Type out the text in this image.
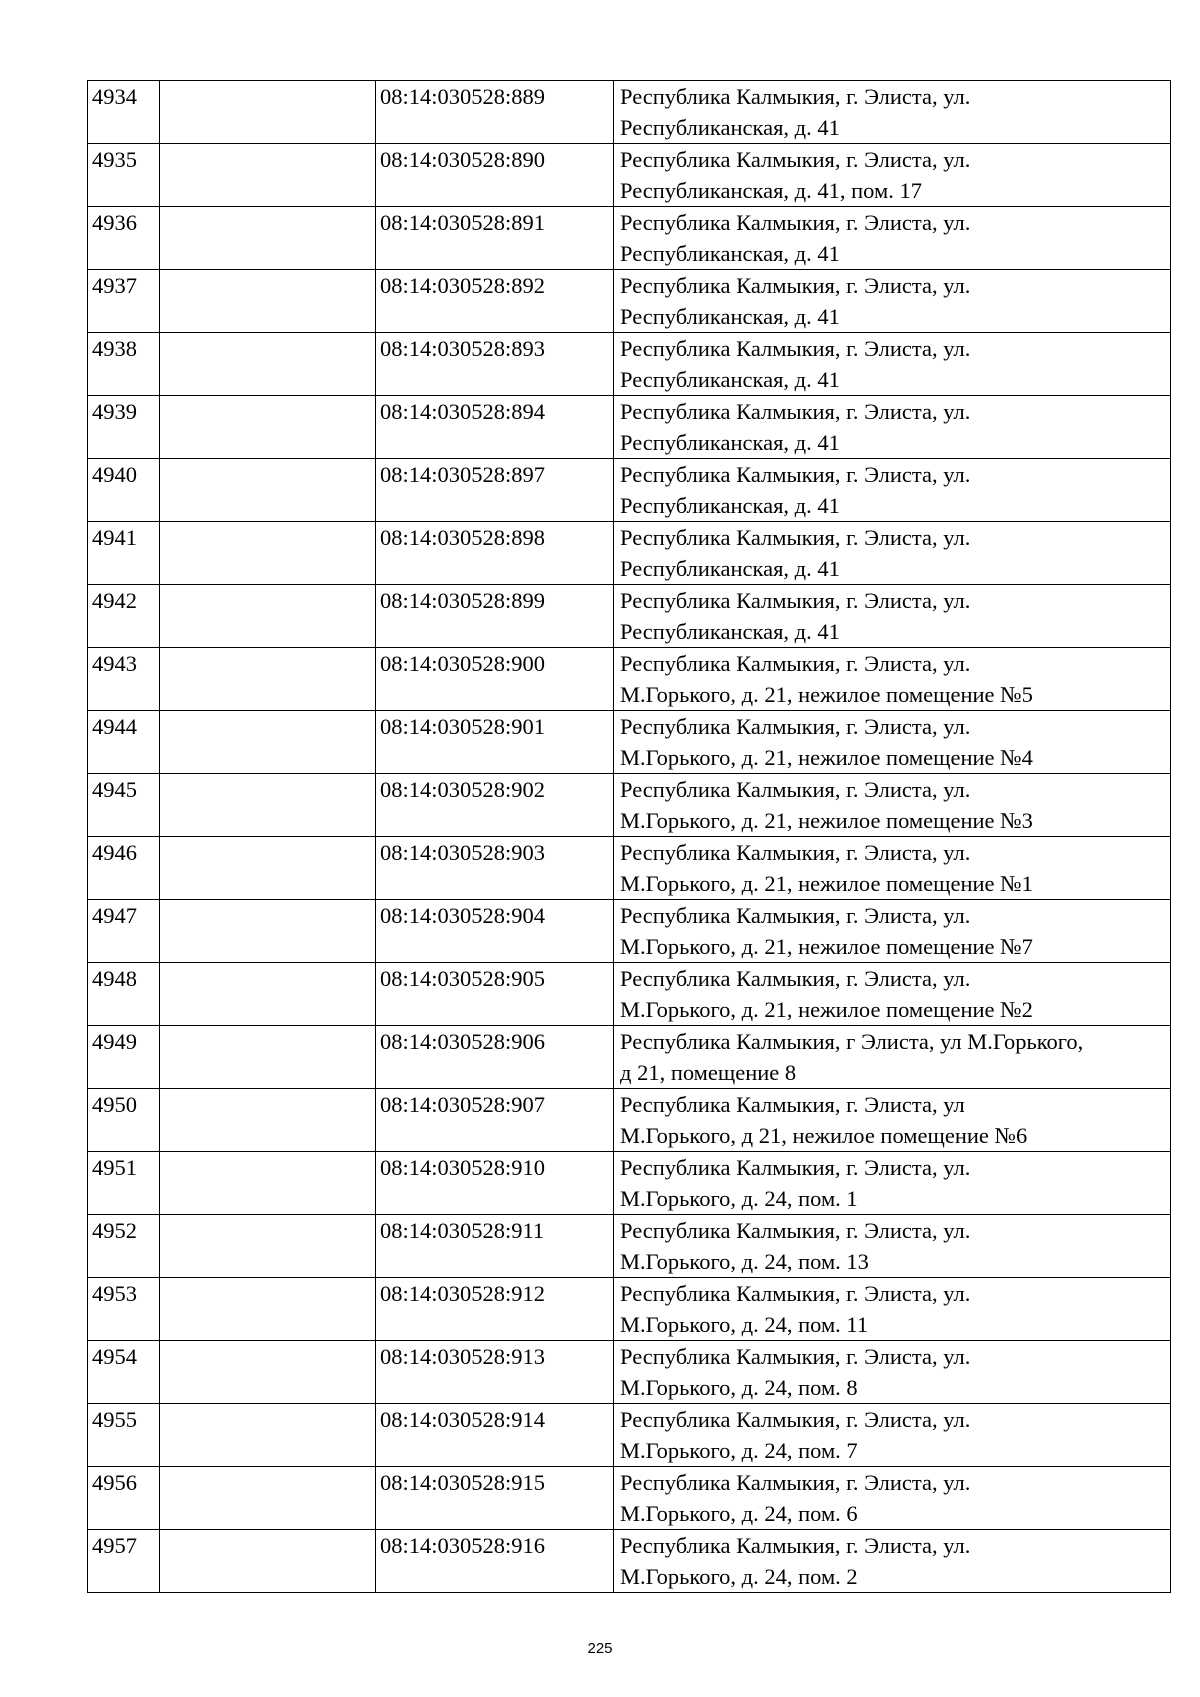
4934		08:14:030528:889	Республика Калмыкия, г. Элиста, ул.
Республиканская, д. 41
4935		08:14:030528:890	Республика Калмыкия, г. Элиста, ул.
Республиканская, д. 41, пом. 17
4936		08:14:030528:891	Республика Калмыкия, г. Элиста, ул.
Республиканская, д. 41
4937		08:14:030528:892	Республика Калмыкия, г. Элиста, ул.
Республиканская, д. 41
4938		08:14:030528:893	Республика Калмыкия, г. Элиста, ул.
Республиканская, д. 41
4939		08:14:030528:894	Республика Калмыкия, г. Элиста, ул.
Республиканская, д. 41
4940		08:14:030528:897	Республика Калмыкия, г. Элиста, ул.
Республиканская, д. 41
4941		08:14:030528:898	Республика Калмыкия, г. Элиста, ул.
Республиканская, д. 41
4942		08:14:030528:899	Республика Калмыкия, г. Элиста, ул.
Республиканская, д. 41
4943		08:14:030528:900	Республика Калмыкия, г. Элиста, ул.
М.Горького, д. 21, нежилое помещение №5
4944		08:14:030528:901	Республика Калмыкия, г. Элиста, ул.
М.Горького, д. 21, нежилое помещение №4
4945		08:14:030528:902	Республика Калмыкия, г. Элиста, ул.
М.Горького, д. 21, нежилое помещение №3
4946		08:14:030528:903	Республика Калмыкия, г. Элиста, ул.
М.Горького, д. 21, нежилое помещение №1
4947		08:14:030528:904	Республика Калмыкия, г. Элиста, ул.
М.Горького, д. 21, нежилое помещение №7
4948		08:14:030528:905	Республика Калмыкия, г. Элиста, ул.
М.Горького, д. 21, нежилое помещение №2
4949		08:14:030528:906	Республика Калмыкия, г Элиста, ул М.Горького,
д 21, помещение 8
4950		08:14:030528:907	Республика Калмыкия, г. Элиста, ул
М.Горького, д 21, нежилое помещение №6
4951		08:14:030528:910	Республика Калмыкия, г. Элиста, ул.
М.Горького, д. 24, пом. 1
4952		08:14:030528:911	Республика Калмыкия, г. Элиста, ул.
М.Горького, д. 24, пом. 13
4953		08:14:030528:912	Республика Калмыкия, г. Элиста, ул.
М.Горького, д. 24, пом. 11
4954		08:14:030528:913	Республика Калмыкия, г. Элиста, ул.
М.Горького, д. 24, пом. 8
4955		08:14:030528:914	Республика Калмыкия, г. Элиста, ул.
М.Горького, д. 24, пом. 7
4956		08:14:030528:915	Республика Калмыкия, г. Элиста, ул.
М.Горького, д. 24, пом. 6
4957		08:14:030528:916	Республика Калмыкия, г. Элиста, ул.
М.Горького, д. 24, пом. 2
225
